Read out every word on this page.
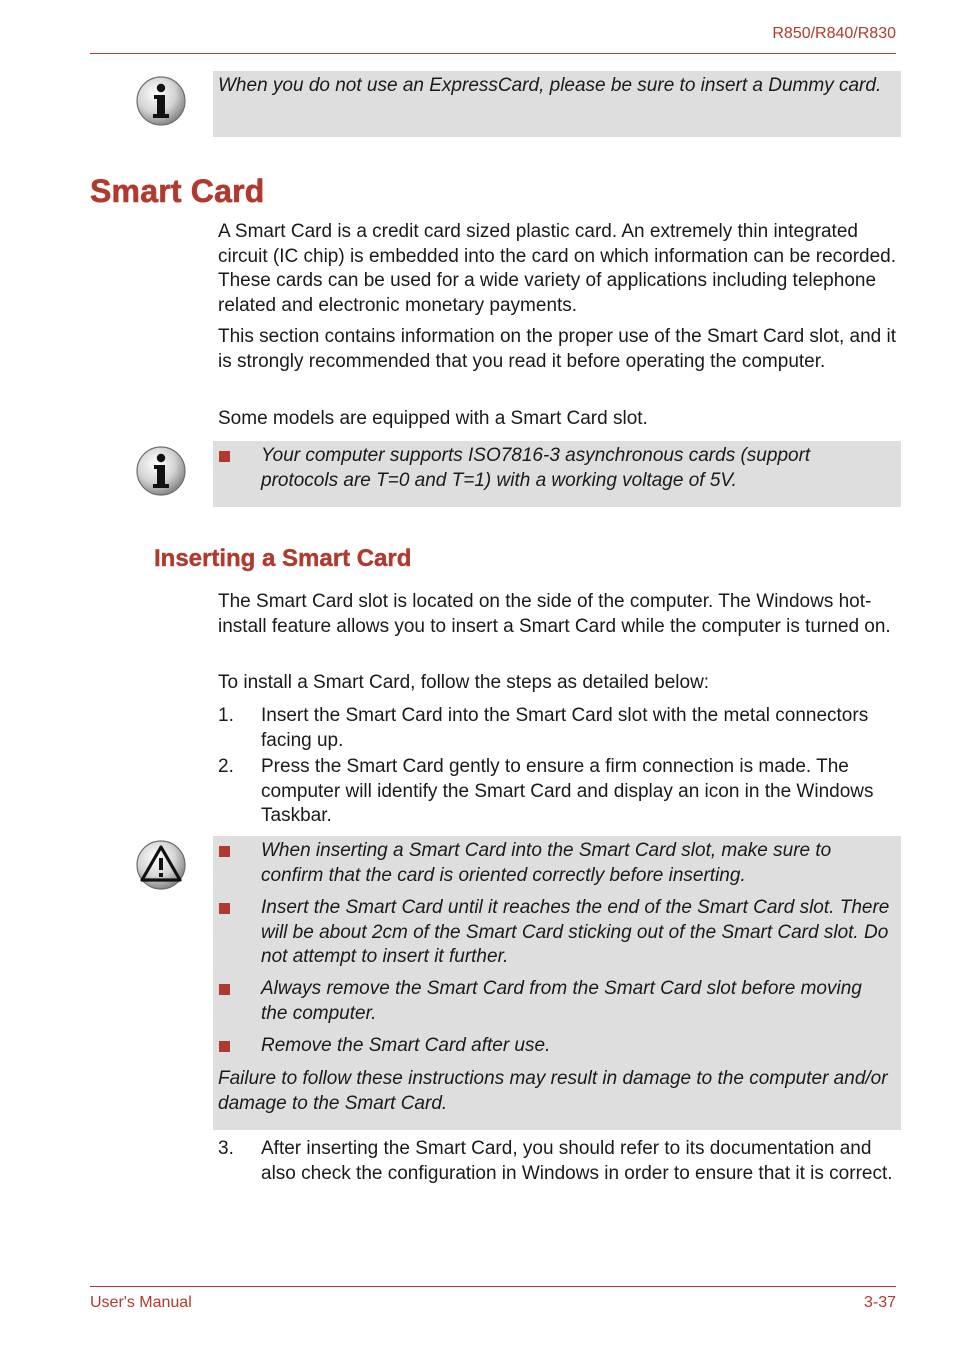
R850/R840/R830
When you do not use an ExpressCard, please be sure to insert a Dummy card.
Smart Card
A Smart Card is a credit card sized plastic card. An extremely thin integrated circuit (IC chip) is embedded into the card on which information can be recorded. These cards can be used for a wide variety of applications including telephone related and electronic monetary payments.
This section contains information on the proper use of the Smart Card slot, and it is strongly recommended that you read it before operating the computer.
Some models are equipped with a Smart Card slot.
Your computer supports ISO7816-3 asynchronous cards (support protocols are T=0 and T=1) with a working voltage of 5V.
Inserting a Smart Card
The Smart Card slot is located on the side of the computer. The Windows hot-install feature allows you to insert a Smart Card while the computer is turned on.
To install a Smart Card, follow the steps as detailed below:
1. Insert the Smart Card into the Smart Card slot with the metal connectors facing up.
2. Press the Smart Card gently to ensure a firm connection is made. The computer will identify the Smart Card and display an icon in the Windows Taskbar.
When inserting a Smart Card into the Smart Card slot, make sure to confirm that the card is oriented correctly before inserting.
Insert the Smart Card until it reaches the end of the Smart Card slot. There will be about 2cm of the Smart Card sticking out of the Smart Card slot. Do not attempt to insert it further.
Always remove the Smart Card from the Smart Card slot before moving the computer.
Remove the Smart Card after use.
Failure to follow these instructions may result in damage to the computer and/or damage to the Smart Card.
3. After inserting the Smart Card, you should refer to its documentation and also check the configuration in Windows in order to ensure that it is correct.
User's Manual	3-37
